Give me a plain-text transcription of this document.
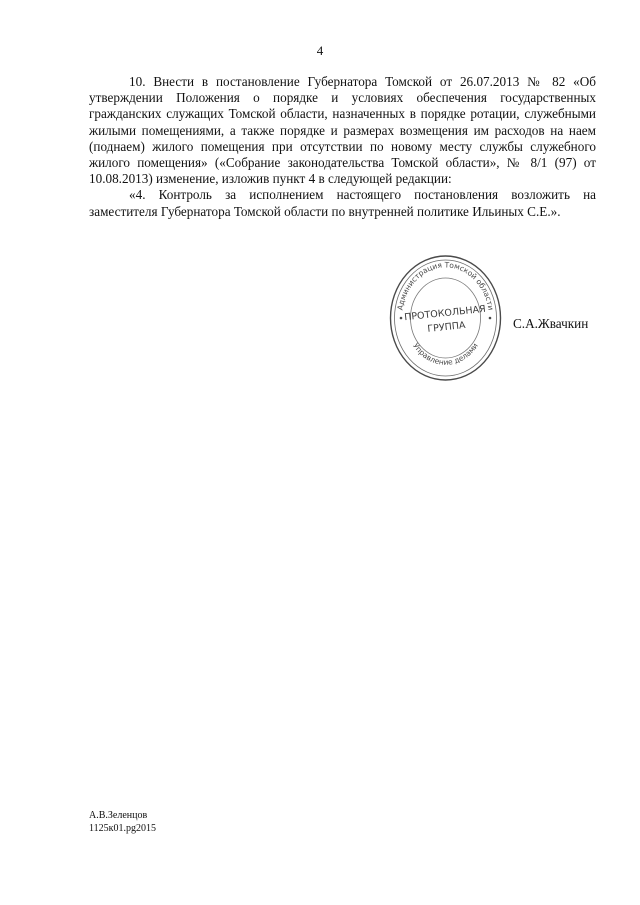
4

10. Внести в постановление Губернатора Томской от 26.07.2013 № 82 «Об утверждении Положения о порядке и условиях обеспечения государственных гражданских служащих Томской области, назначенных в порядке ротации, служебными жилыми помещениями, а также порядке и размерах возмещения им расходов на наем (поднаем) жилого помещения при отсутствии по новому месту службы служебного жилого помещения» («Собрание законодательства Томской области», № 8/1 (97) от 10.08.2013) изменение, изложив пункт 4 в следующей редакции:

«4. Контроль за исполнением настоящего постановления возложить на заместителя Губернатора Томской области по внутренней политике Ильиных С.Е.».

Администрация Томской области
Управление делами
ПРОТОКОЛЬНАЯ
ГРУППА	С.А.Жвачкин
А.В.Зеленцов
1125к01.pg2015
